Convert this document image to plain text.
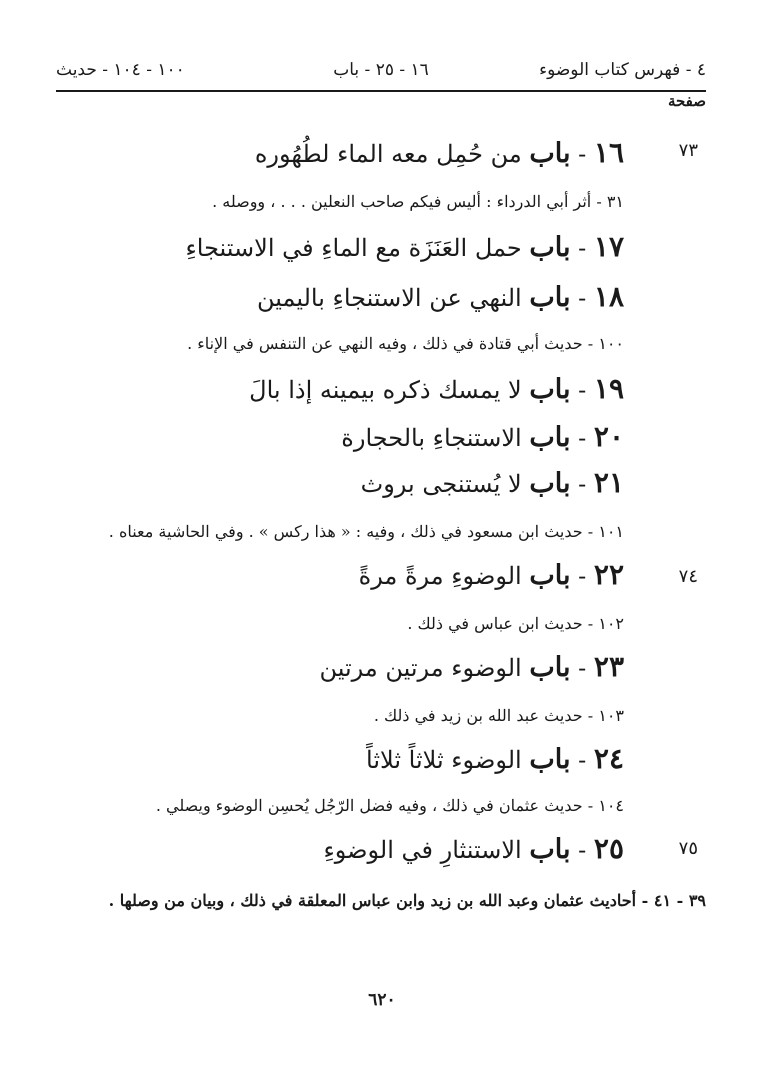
٤ - فهرس كتاب الوضوء
١٦ - ٢٥ - باب
١٠٠ - ١٠٤ - حديث
صفحة
٧٣
٧٤
٧٥
١٦ - باب من حُمِل معه الماء لطُهُوره
٣١ - أثر أبي الدرداء : أليس فيكم صاحب النعلين . . . ، ووصله .
١٧ - باب حمل العَنَزَة مع الماءِ في الاستنجاءِ
١٨ - باب النهي عن الاستنجاءِ باليمين
١٠٠ - حديث أبي قتادة في ذلك ، وفيه النهي عن التنفس في الإناء .
١٩ - باب لا يمسك ذكره بيمينه إذا بالَ
٢٠ - باب الاستنجاءِ بالحجارة
٢١ - باب لا يُستنجى بروث
١٠١ - حديث ابن مسعود في ذلك ، وفيه : « هذا ركس » . وفي الحاشية معناه .
٢٢ - باب الوضوءِ مرةً مرةً
١٠٢ - حديث ابن عباس في ذلك .
٢٣ - باب الوضوء مرتين مرتين
١٠٣ - حديث عبد الله بن زيد في ذلك .
٢٤ - باب الوضوء ثلاثاً ثلاثاً
١٠٤ - حديث عثمان في ذلك ، وفيه فضل الرّجُل يُحسِن الوضوء ويصلي .
٢٥ - باب الاستنثارِ في الوضوءِ
٣٩ - ٤١ - أحاديث عثمان وعبد الله بن زيد وابن عباس المعلقة في ذلك ، وبيان من وصلها .
٦٢٠
